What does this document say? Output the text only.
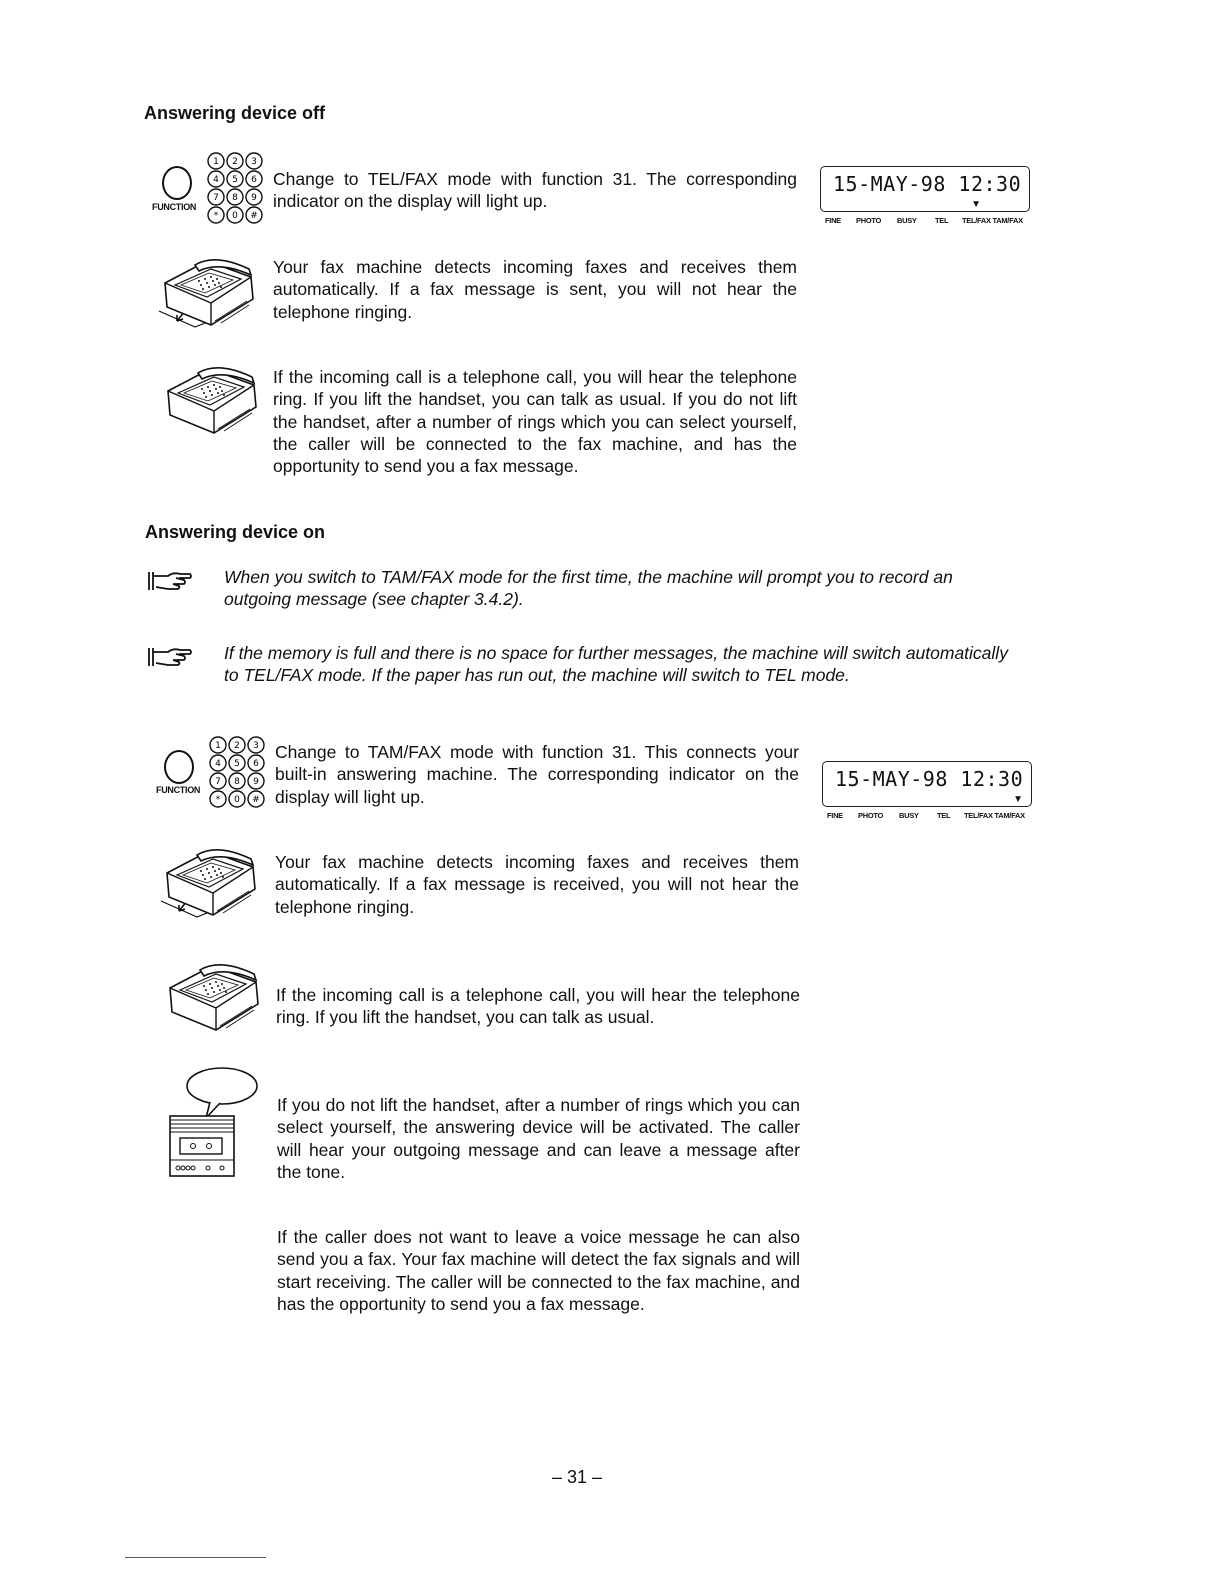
Answering device off
FUNCTION
1 2 3
4 5 6
7 8 9
* 0 #
Change to TEL/FAX mode with function 31. The corresponding indicator on the display will light up.
15-MAY-98 12:30
▼
FINE PHOTO BUSY TEL TEL/FAX TAM/FAX
Your fax machine detects incoming faxes and receives them automatically. If a fax message is sent, you will not hear the telephone ringing.
If the incoming call is a telephone call, you will hear the telephone ring. If you lift the handset, you can talk as usual. If you do not lift the handset, after a number of rings which you can select yourself, the caller will be connected to the fax machine, and has the opportunity to send you a fax message.
Answering device on
When you switch to TAM/FAX mode for the first time, the machine will prompt you to record an outgoing message (see chapter 3.4.2).
If the memory is full and there is no space for further messages, the machine will switch automatically to TEL/FAX mode. If the paper has run out, the machine will switch to TEL mode.
FUNCTION
1 2 3
4 5 6
7 8 9
* 0 #
Change to TAM/FAX mode with function 31. This connects your built-in answering machine. The corresponding indicator on the display will light up.
15-MAY-98 12:30
▼
FINE PHOTO BUSY TEL TEL/FAX TAM/FAX
Your fax machine detects incoming faxes and receives them automatically. If a fax message is received, you will not hear the telephone ringing.
If the incoming call is a telephone call, you will hear the telephone ring. If you lift the handset, you can talk as usual.
If you do not lift the handset, after a number of rings which you can select yourself, the answering device will be activated. The caller will hear your outgoing message and can leave a message after the tone.
If the caller does not want to leave a voice message he can also send you a fax. Your fax machine will detect the fax signals and will start receiving. The caller will be connected to the fax machine, and has the opportunity to send you a fax message.
– 31 –
